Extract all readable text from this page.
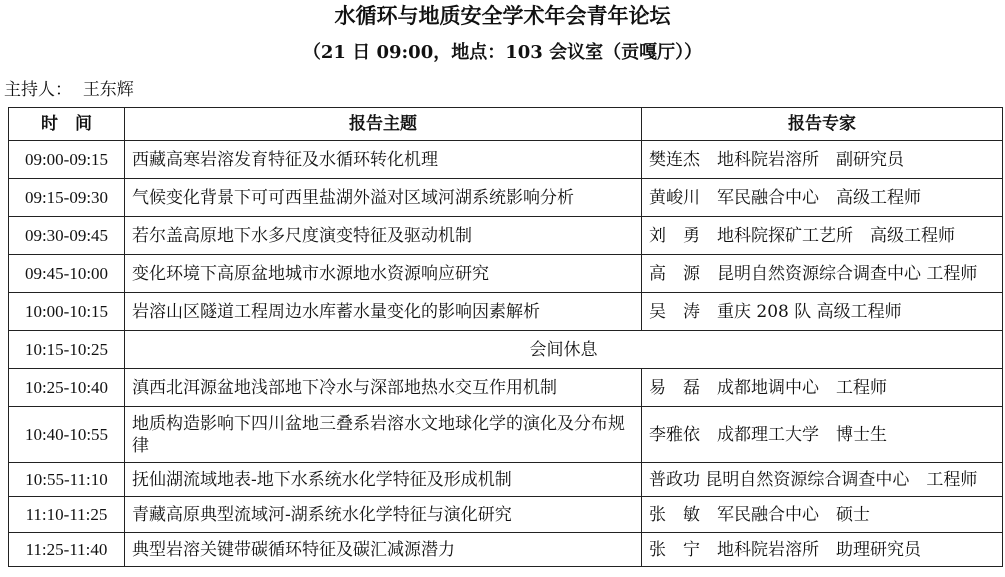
水循环与地质安全学术年会青年论坛
（21 日 09:00，地点：103 会议室（贡嘎厅））
主持人： 王东辉
时　间	报告主题	报告专家
09:00-09:15	西藏高寒岩溶发育特征及水循环转化机理	樊连杰　地科院岩溶所　副研究员
09:15-09:30	气候变化背景下可可西里盐湖外溢对区域河湖系统影响分析	黄峻川　军民融合中心　高级工程师
09:30-09:45	若尔盖高原地下水多尺度演变特征及驱动机制	刘　勇　地科院探矿工艺所　高级工程师
09:45-10:00	变化环境下高原盆地城市水源地水资源响应研究	高　源　昆明自然资源综合调查中心 工程师
10:00-10:15	岩溶山区隧道工程周边水库蓄水量变化的影响因素解析	吴　涛　重庆 208 队 高级工程师
10:15-10:25	会间休息	
10:25-10:40	滇西北洱源盆地浅部地下冷水与深部地热水交互作用机制	易　磊　成都地调中心　工程师
10:40-10:55	地质构造影响下四川盆地三叠系岩溶水文地球化学的演化及分布规律	李雅依　成都理工大学　博士生
10:55-11:10	抚仙湖流域地表-地下水系统水化学特征及形成机制	普政功 昆明自然资源综合调查中心　工程师
11:10-11:25	青藏高原典型流域河-湖系统水化学特征与演化研究	张　敏　军民融合中心　硕士
11:25-11:40	典型岩溶关键带碳循环特征及碳汇减源潜力	张　宁　地科院岩溶所　助理研究员
